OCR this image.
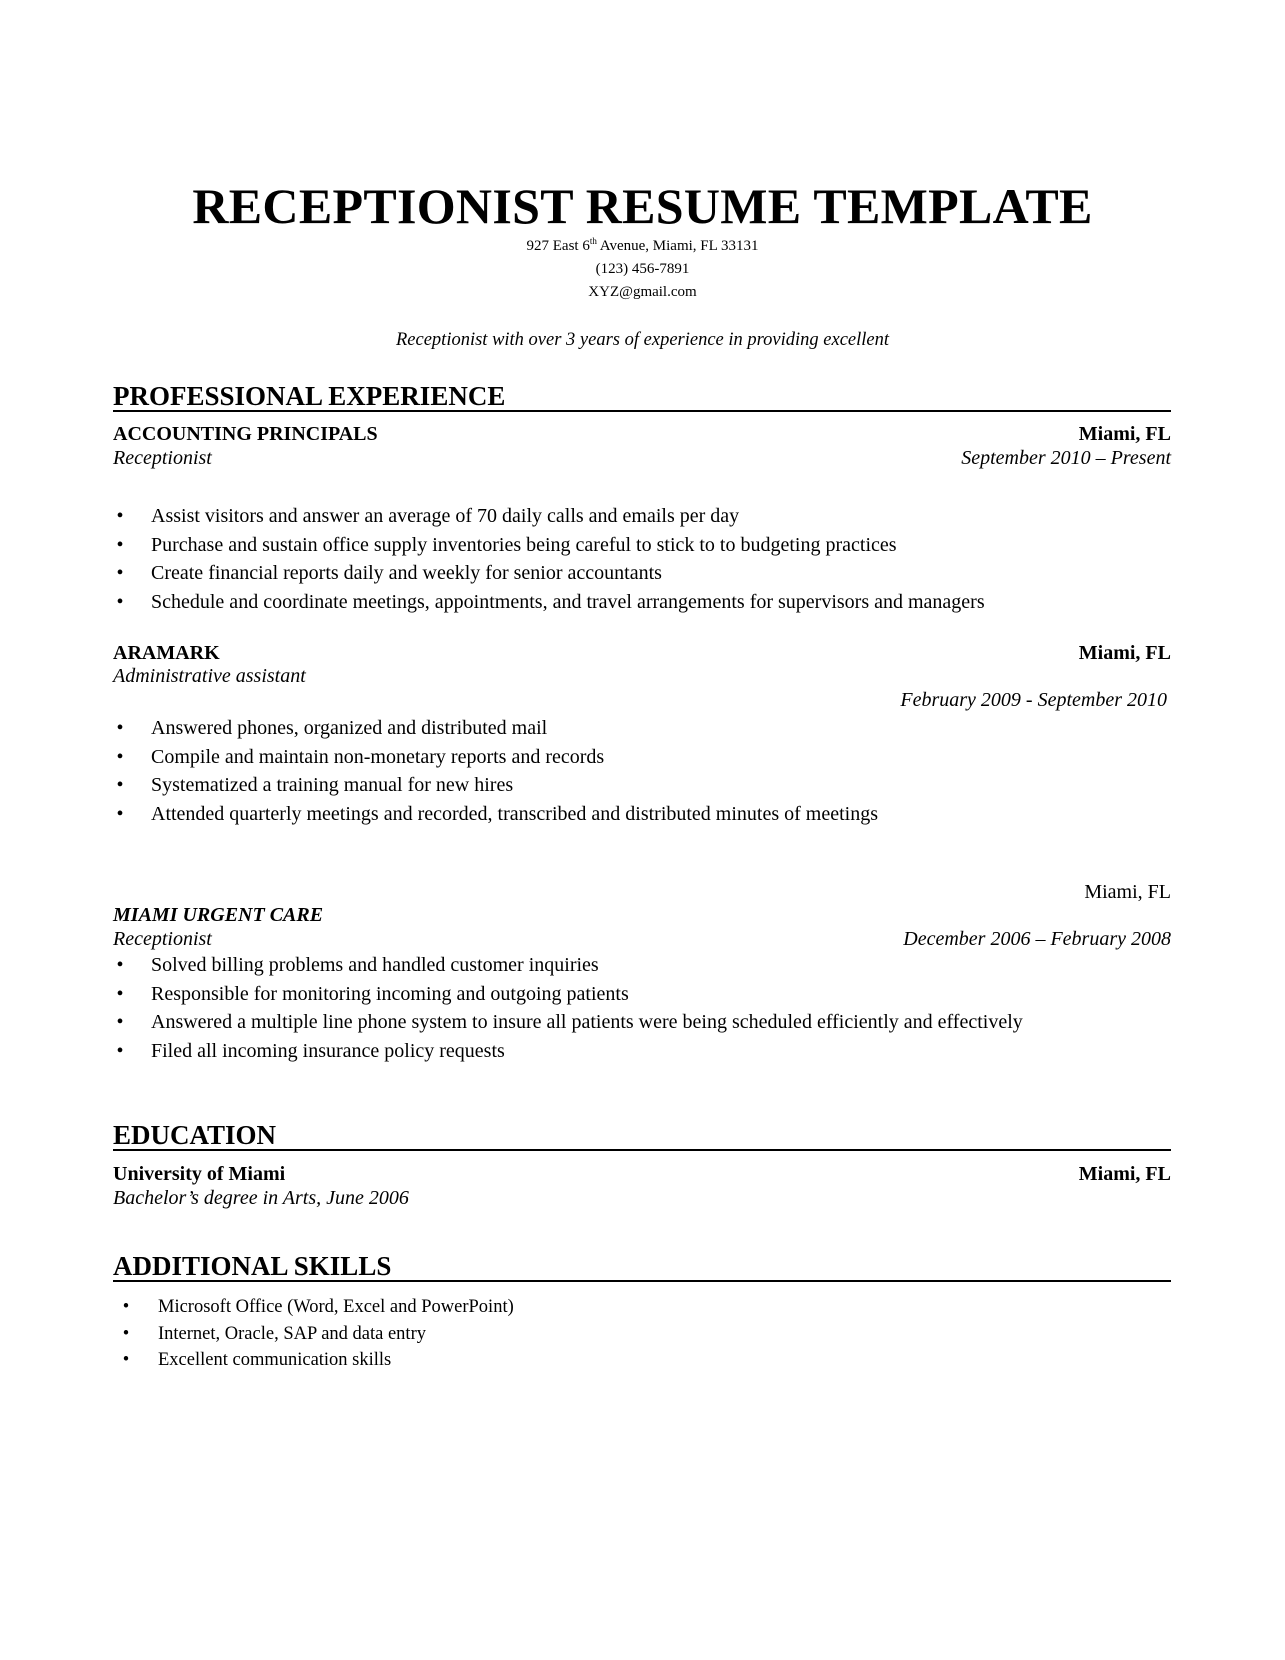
RECEPTIONIST RESUME TEMPLATE
927 East 6th Avenue, Miami, FL 33131
(123) 456-7891
XYZ@gmail.com
Receptionist with over 3 years of experience in providing excellent
PROFESSIONAL EXPERIENCE
ACCOUNTING PRINCIPALS	Miami, FL
Receptionist	September 2010 – Present
• Assist visitors and answer an average of 70 daily calls and emails per day
• Purchase and sustain office supply inventories being careful to stick to to budgeting practices
• Create financial reports daily and weekly for senior accountants
• Schedule and coordinate meetings, appointments, and travel arrangements for supervisors and managers
ARAMARK	Miami, FL
Administrative assistant
February 2009 - September 2010
• Answered phones, organized and distributed mail
• Compile and maintain non-monetary reports and records
• Systematized a training manual for new hires
• Attended quarterly meetings and recorded, transcribed and distributed minutes of meetings
Miami, FL
MIAMI URGENT CARE
Receptionist	December 2006 – February 2008
• Solved billing problems and handled customer inquiries
• Responsible for monitoring incoming and outgoing patients
• Answered a multiple line phone system to insure all patients were being scheduled efficiently and effectively
• Filed all incoming insurance policy requests
EDUCATION
University of Miami	Miami, FL
Bachelor’s degree in Arts, June 2006
ADDITIONAL SKILLS
• Microsoft Office (Word, Excel and PowerPoint)
• Internet, Oracle, SAP and data entry
• Excellent communication skills
